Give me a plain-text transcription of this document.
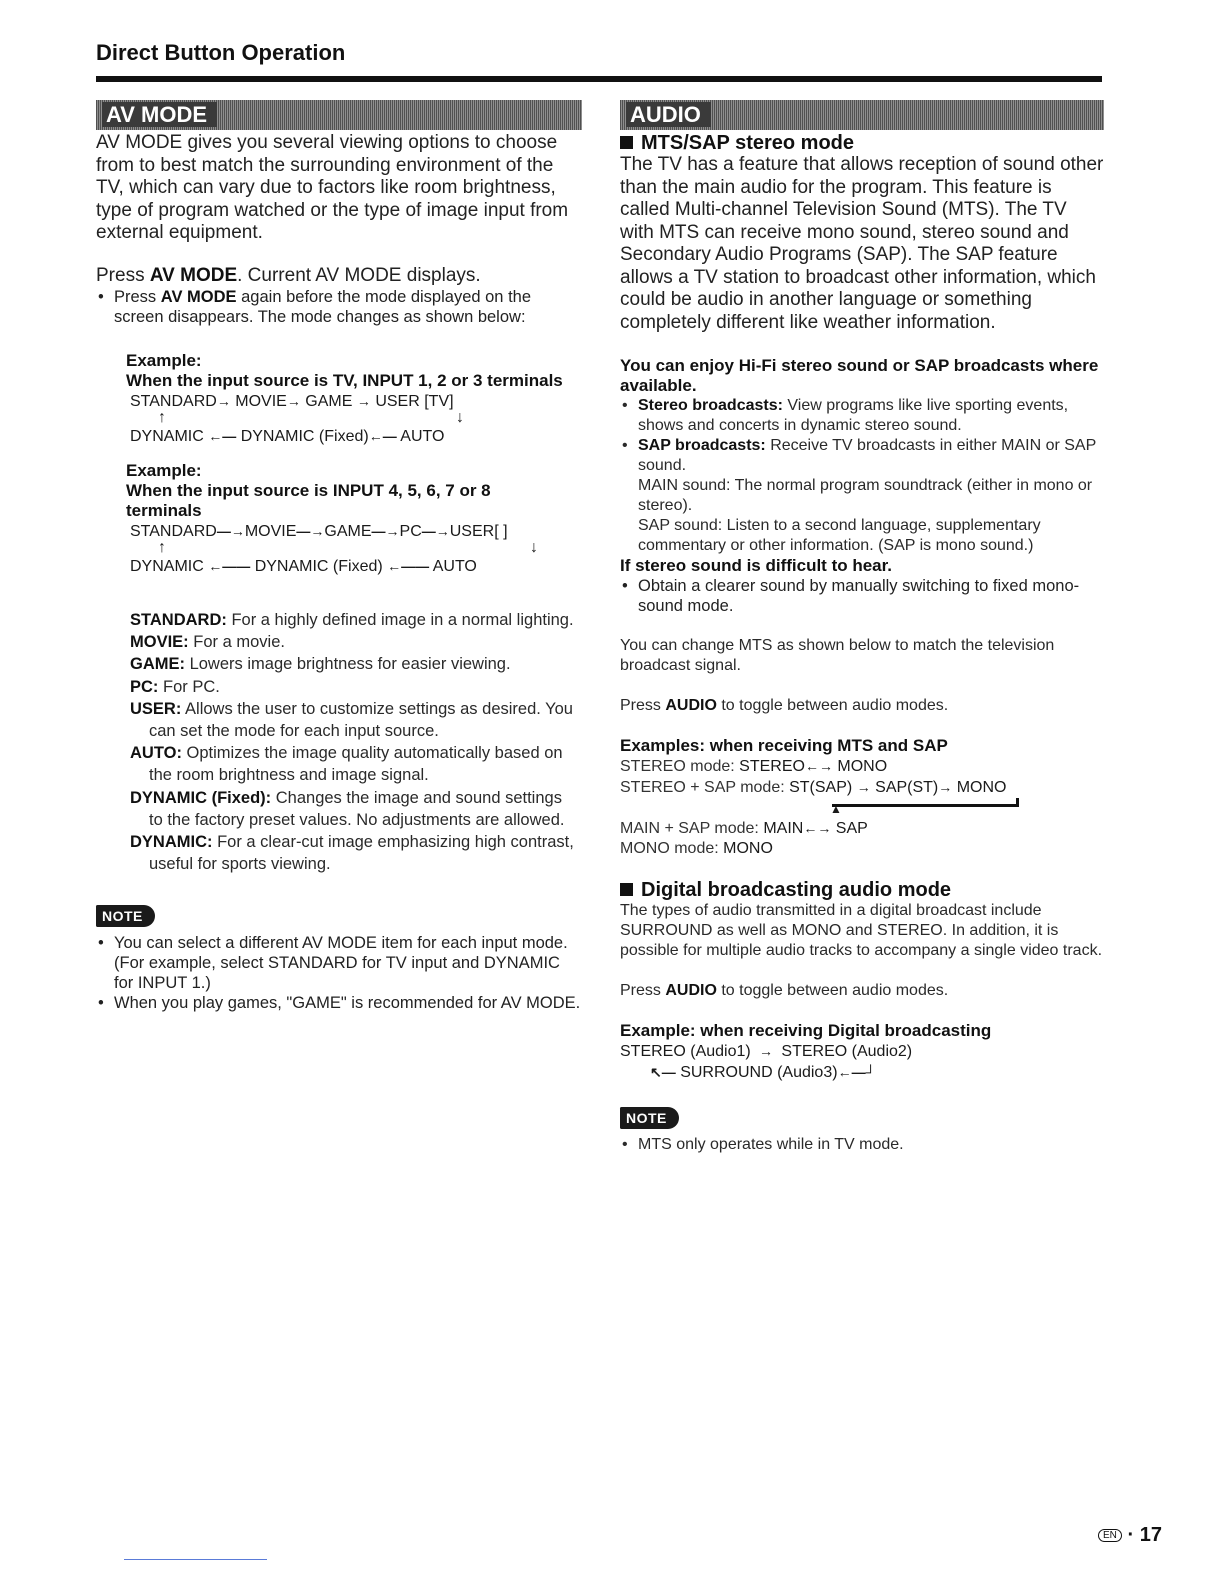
Direct Button Operation
AV MODE

AV MODE gives you several viewing options to choose from to best match the surrounding environment of the TV, which can vary due to factors like room brightness, type of program watched or the type of image input from external equipment.

Press AV MODE. Current AV MODE displays.

• Press AV MODE again before the mode displayed on the screen disappears. The mode changes as shown below:

Example:
When the input source is TV, INPUT 1, 2 or 3 terminals
STANDARD→ MOVIE→ GAME → USER [TV]
↑	↓
DYNAMIC ←— DYNAMIC (Fixed)←— AUTO
Example:
When the input source is INPUT 4, 5, 6, 7 or 8 terminals
STANDARD—→MOVIE—→GAME—→PC—→USER[ ]
↑	↓
DYNAMIC ←—— DYNAMIC (Fixed) ←—— AUTO

STANDARD: For a highly defined image in a normal lighting.

MOVIE: For a movie.

GAME: Lowers image brightness for easier viewing.

PC: For PC.

USER: Allows the user to customize settings as desired. You can set the mode for each input source.

AUTO: Optimizes the image quality automatically based on the room brightness and image signal.

DYNAMIC (Fixed): Changes the image and sound settings to the factory preset values. No adjustments are allowed.

DYNAMIC: For a clear-cut image emphasizing high contrast, useful for sports viewing.

NOTE

• You can select a different AV MODE item for each input mode. (For example, select STANDARD for TV input and DYNAMIC for INPUT 1.)

• When you play games, "GAME" is recommended for AV MODE.

AUDIO
MTS/SAP stereo mode

The TV has a feature that allows reception of sound other than the main audio for the program. This feature is called Multi-channel Television Sound (MTS). The TV with MTS can receive mono sound, stereo sound and Secondary Audio Programs (SAP). The SAP feature allows a TV station to broadcast other information, which could be audio in another language or something completely different like weather information.

You can enjoy Hi-Fi stereo sound or SAP broadcasts where available.

• Stereo broadcasts: View programs like live sporting events, shows and concerts in dynamic stereo sound.

• SAP broadcasts: Receive TV broadcasts in either MAIN or SAP sound.

MAIN sound: The normal program soundtrack (either in mono or stereo).

SAP sound: Listen to a second language, supplementary commentary or other information. (SAP is mono sound.)

If stereo sound is difficult to hear.

• Obtain a clearer sound by manually switching to fixed mono-sound mode.

You can change MTS as shown below to match the television broadcast signal.

Press AUDIO to toggle between audio modes.

Examples: when receiving MTS and SAP
STEREO mode: STEREO←→ MONO
STEREO + SAP mode: ST(SAP) → SAP(ST)→ MONO
▲
MAIN + SAP mode: MAIN←→ SAP
MONO mode: MONO
Digital broadcasting audio mode

The types of audio transmitted in a digital broadcast include SURROUND as well as MONO and STEREO. In addition, it is possible for multiple audio tracks to accompany a single video track.

Press AUDIO to toggle between audio modes.

Example: when receiving Digital broadcasting
STEREO (Audio1)  →  STEREO (Audio2)
↖— SURROUND (Audio3)←—┘
NOTE

• MTS only operates while in TV mode.

EN · 17
